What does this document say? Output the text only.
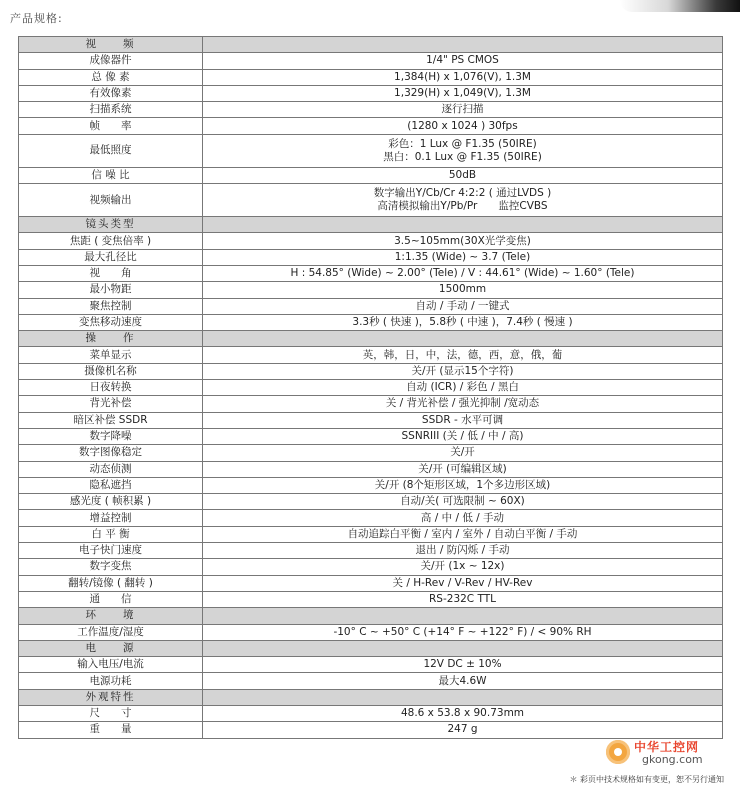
产品规格:
视　　频	
成像器件	1/4" PS CMOS
总 像 素	1,384(H) x 1,076(V), 1.3M
有效像素	1,329(H) x 1,049(V), 1.3M
扫描系统	逐行扫描
帧　　率	(1280 x 1024 ) 30fps
最低照度	彩色：1 Lux @ F1.35 (50IRE)
黑白：0.1 Lux @ F1.35 (50IRE)

信 噪 比	50dB
视频输出	数字输出Y/Cb/Cr 4:2:2 ( 通过LVDS )
高清模拟输出Y/Pb/Pr　　监控CVBS

镜头类型	
焦距 ( 变焦倍率 )	3.5~105mm(30X光学变焦)
最大孔径比	1:1.35 (Wide) ~ 3.7 (Tele)
视　　角	H : 54.85° (Wide) ~ 2.00° (Tele) / V : 44.61° (Wide) ~ 1.60° (Tele)
最小物距	1500mm
聚焦控制	自动 / 手动 / 一键式
变焦移动速度	3.3秒 ( 快速 )，5.8秒 ( 中速 )，7.4秒 ( 慢速 )
操　　作	
菜单显示	英，韩，日，中，法，德，西，意，俄，葡
摄像机名称	关/开 (显示15个字符)
日夜转换	自动 (ICR) / 彩色 / 黑白
背光补偿	关 / 背光补偿 / 强光抑制 /宽动态
暗区补偿 SSDR	SSDR - 水平可调
数字降噪	SSNRIII (关 / 低 / 中 / 高)
数字图像稳定	关/开
动态侦测	关/开 (可编辑区域)
隐私遮挡	关/开 (8个矩形区域，1个多边形区域)
感光度 ( 帧积累 )	自动/关( 可选限制 ~ 60X)
增益控制	高 / 中 / 低 / 手动
白 平 衡	自动追踪白平衡 / 室内 / 室外 / 自动白平衡 / 手动
电子快门速度	退出 / 防闪烁 / 手动
数字变焦	关/开 (1x ~ 12x)
翻转/镜像 ( 翻转 )	关 / H-Rev / V-Rev / HV-Rev
通　　信	RS-232C TTL
环　　境	
工作温度/湿度	-10° C ~ +50° C (+14° F ~ +122° F) / < 90% RH
电　　源	
输入电压/电流	12V DC ± 10%
电源功耗	最大4.6W
外观特性	
尺　　寸	48.6 x 53.8 x 90.73mm
重　　量	247 g
中华工控网
gkong.com
＊ 彩页中技术规格如有变更，恕不另行通知
